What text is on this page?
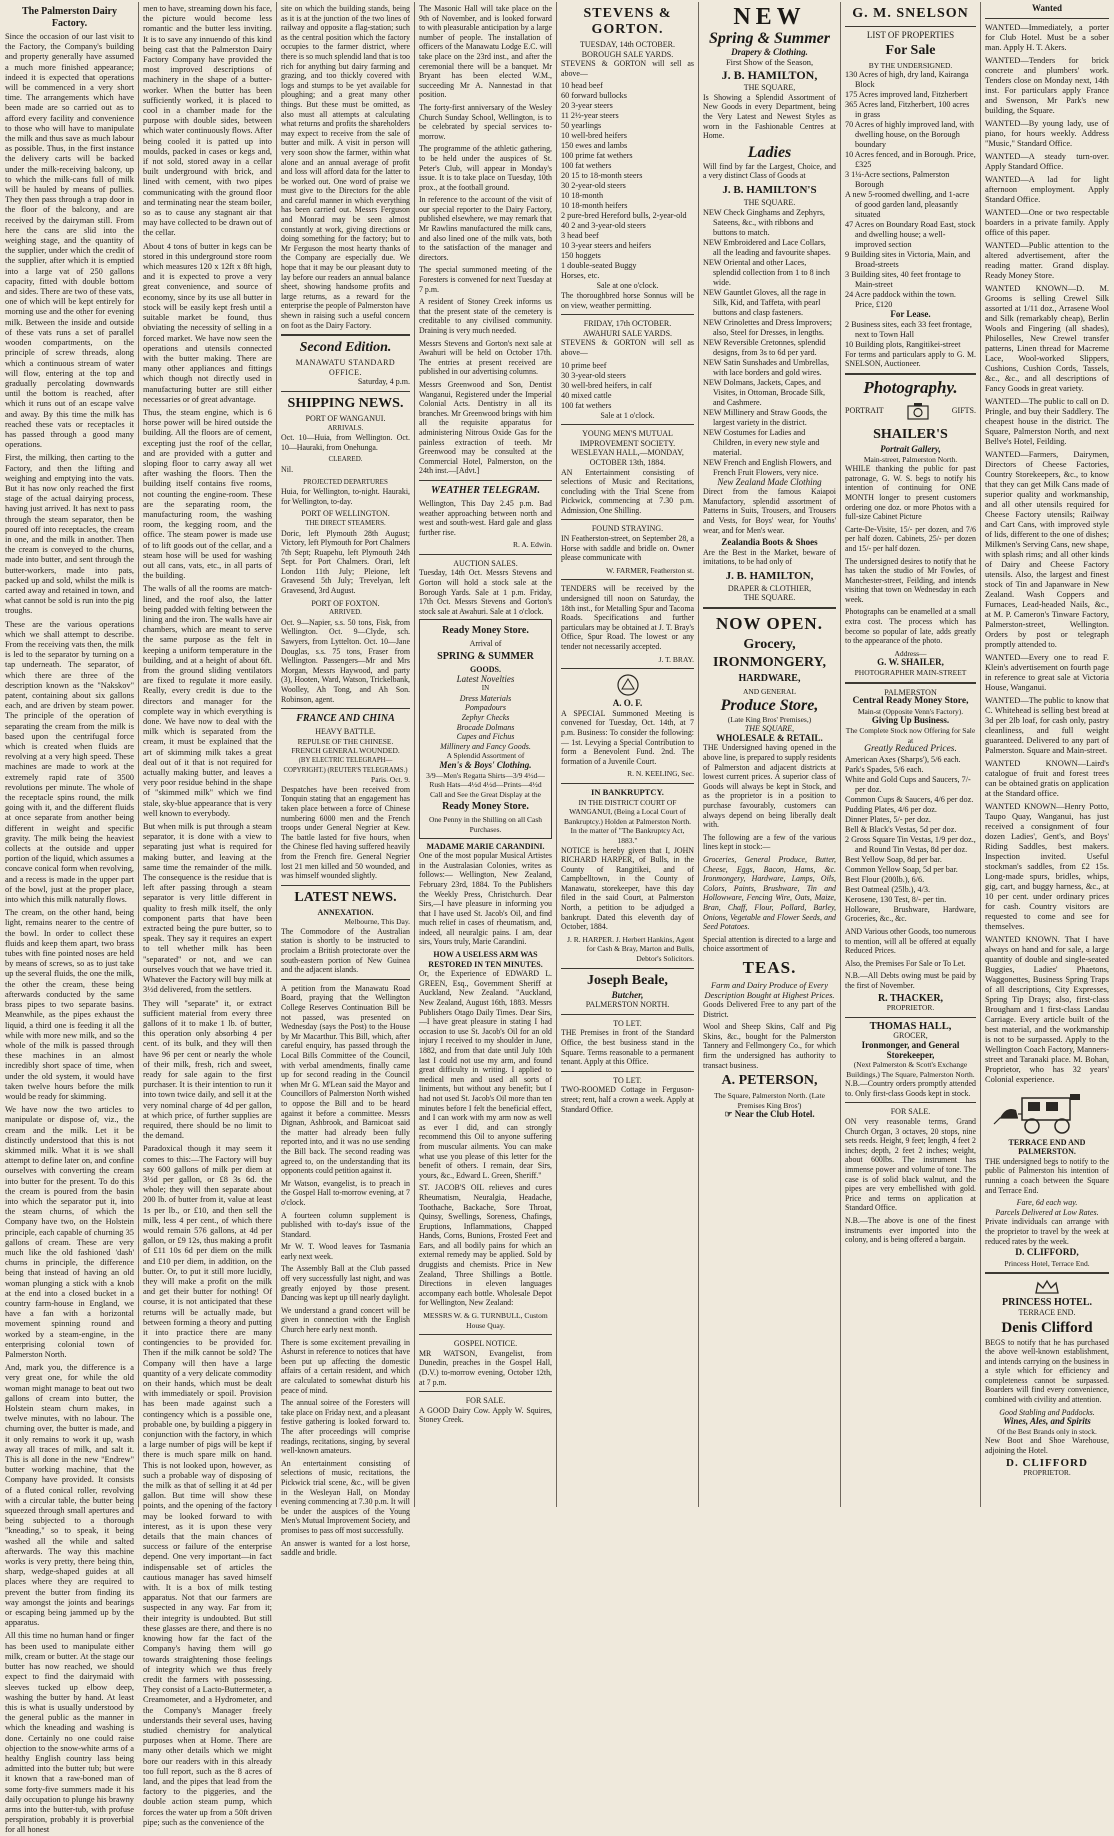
The Palmerston Dairy Factory.

Since the occasion of our last visit to the Factory, the Company's building and property generally have assumed a much more finished appearance; indeed it is expected that operations will be commenced in a very short time. The arrangements which have been made are so carried out as to afford every facility and convenience to those who will have to manipulate the milk and thus save as much labour as possible. Thus, in the first instance the delivery carts will be backed under the milk-receiving balcony, up to which the milk-cans full of milk will be hauled by means of pullies. They then pass through a trap door in the floor of the balcony, and are received by the dairyman still. From here the cans are slid into the weighing stage, and the quantity of the supplier, under which the credit of the supplier, after which it is emptied into a large vat of 250 gallons capacity, fitted with double bottom and sides. There are two of these vats, one of which will be kept entirely for morning use and the other for evening milk. Between the inside and outside of these vats runs a set of parallel wooden compartments, on the principle of screw threads, along which a continuous stream of water will flow, entering at the top and gradually percolating downwards until the bottom is reached, after which it runs out of an escape valve and away. By this time the milk has reached these vats or receptacles it has passed through a good many operations.

First, the milking, then carting to the Factory, and then the lifting and weighing and emptying into the vats. But it has now only reached the first stage of the actual dairying process, having just arrived. It has next to pass through the steam separator, then be poured off into receptacles, the cream in one, and the milk in another. Then the cream is conveyed to the churns, made into butter, and sent through the butter-workers, made into pats, packed up and sold, whilst the milk is carted away and retained in town, and what cannot be sold is run into the pig troughs.

These are the various operations which we shall attempt to describe. From the receiving vats then, the milk is led to the separator by turning on a tap underneath. The separator, of which there are three of the description known as the "Nakskov" patent, containing about six gallons each, and are driven by steam power. The principle of the operation of separating the cream from the milk is based upon the centrifugal force which is created when fluids are revolving at a very high speed. These machines are made to work at the extremely rapid rate of 3500 revolutions per minute. The whole of the receptacle spins round, the milk going with it, and the different fluids at once separate from another being different in weight and specific gravity. The milk being the heaviest collects at the outside and upper portion of the liquid, which assumes a concave conical form when revolving, and a recess is made in the upper part of the bowl, just at the proper place, into which this milk naturally flows.

The cream, on the other hand, being light, remains nearer to the centre of the bowl. In order to collect these fluids and keep them apart, two brass tubes with fine pointed noses are held by means of screws, so as to just take up the several fluids, the one the milk, the other the cream, these being afterwards conducted by the same brass pipes to two separate basins. Meanwhile, as the pipes exhaust the liquid, a third one is feeding it all the while with more new milk, and so the whole of the milk is passed through these machines in an almost incredibly short space of time, when under the old system, it would have taken twelve hours before the milk would be ready for skimming.

We have now the two articles to manipulate or dispose of, viz., the cream and the milk. Let it be distinctly understood that this is not skimmed milk. What it is we shall attempt to define later on, and confine ourselves with converting the cream into butter for the present. To do this the cream is poured from the basin into which the separator put it, into the steam churns, of which the Company have two, on the Holstein principle, each capable of churning 35 gallons of cream. These are very much like the old fashioned 'dash' churns in principle, the difference being that instead of having an old woman plunging a stick with a knob at the end into a closed bucket in a country farm-house in England, we have a fan with a horizontal movement spinning round and worked by a steam-engine, in the enterprising colonial town of Palmerston North.

And, mark you, the difference is a very great one, for while the old woman might manage to beat out two gallons of cream into butter, the Holstein steam churn makes, in twelve minutes, with no labour. The churning over, the butter is made, and it only remains to work it up, wash away all traces of milk, and salt it. This is all done in the new "Endrew" butter working machine, that the Company have provided. It consists of a fluted conical roller, revolving with a circular table, the butter being squeezed through small apertures and being subjected to a thorough "kneading," so to speak, it being washed all the while and salted afterwards. The way this machine works is very pretty, there being thin, sharp, wedge-shaped guides at all places where they are required to prevent the butter from finding its way amongst the joints and bearings or escaping being jammed up by the apparatus.

All this time no human hand or finger has been used to manipulate either milk, cream or butter. At the stage our butter has now reached, we should expect to find the dairymaid with sleeves tucked up elbow deep, washing the butter by hand. At least this is what is usually understood by the general public as the manner in which the kneading and washing is done. Certainly no one could raise objection to the snow-white arms of a healthy English country lass being admitted into the butter tub; but were it known that a raw-boned man of some forty-five summers made it his daily occupation to plunge his brawny arms into the butter-tub, with profuse perspiration, probably it is proverbial for all honest

men to have, streaming down his face, the picture would become less romantic and the butter less inviting. It is to save any innuendo of this kind being cast that the Palmerston Dairy Factory Company have provided the most improved descriptions of machinery in the shape of a butter-worker. When the butter has been sufficiently worked, it is placed to cool in a chamber made for the purpose with double sides, between which water continuously flows. After being cooled it is patted up into moulds, packed in cases or kegs and, if not sold, stored away in a cellar built underground with brick, and lined with cement, with two pipes communicating with the ground floor and terminating near the steam boiler, so as to cause any stagnant air that may have collected to be drawn out of the cellar.

About 4 tons of butter in kegs can be stored in this underground store room which measures 120 x 12ft x 8ft high, and it is expected to prove a very great convenience, and source of economy, since by its use all butter in stock will be easily kept fresh until a suitable market be found, thus obviating the necessity of selling in a forced market. We have now seen the operations and utensils connected with the butter making. There are many other appliances and fittings which though not directly used in manufacturing butter are still either necessaries or of great advantage.

Thus, the steam engine, which is 6 horse power will be hired outside the building. All the floors are of cement, excepting just the roof of the cellar, and are provided with a gutter and sloping floor to carry away all wet after washing the floors. Then the building itself contains five rooms, not counting the engine-room. These are the separating room, the manufacturing room, the washing room, the kegging room, and the office. The steam power is made use of to lift goods out of the cellar, and a steam hose will be used for washing out all cans, vats, etc., in all parts of the building.

The walls of all the rooms are match-lined, and the roof also, the latter being padded with felting between the lining and the iron. The walls have air chambers, which are meant to serve the same purpose as the felt in keeping a uniform temperature in the building, and at a height of about 6ft. from the ground sliding ventilators are fixed to regulate it more easily. Really, every credit is due to the directors and manager for the complete way in which everything is done. We have now to deal with the milk which is separated from the cream, it must be explained that the art of skimming milk takes a great deal out of it that is not required for actually making butter, and leaves a very poor residue behind in the shape of "skimmed milk" which we find stale, sky-blue appearance that is very well known to everybody.

But when milk is put through a steam separator, it is done with a view to separating just what is required for making butter, and leaving at the same time the remainder of the milk. The consequence is the residue that is left after passing through a steam separator is very little different in quality to fresh milk itself, the only component parts that have been extracted being the pure butter, so to speak. They say it requires an expert to tell whether milk has been "separated" or not, and we can ourselves vouch that we have tried it. Whatever the Factory will buy milk at 3½d delivered, from the settlers.

They will "separate" it, or extract sufficient material from every three gallons of it to make 1 lb. of butter, this operation only absorbing 4 per cent. of its bulk, and they will then have 96 per cent or nearly the whole of their milk, fresh, rich and sweet, ready for sale again to the first purchaser. It is their intention to run it into town twice daily, and sell it at the very nominal charge of 4d per gallon, at which price, of further supplies are required, there should be no limit to the demand.

Paradoxical though it may seem it comes to this:—The Factory will buy say 600 gallons of milk per diem at 3½d per gallon, or £8 3s 6d. the whole; they will then separate about 200 lb. of butter from it, value at least 1s per lb., or £10, and then sell the milk, less 4 per cent., of which there would remain 576 gallons, at 4d per gallon, or £9 12s, thus making a profit of £11 10s 6d per diem on the milk and £10 per diem, in addition, on the butter. Or, to put it still more lucidly, they will make a profit on the milk and get their butter for nothing! Of course, it is not anticipated that these returns will be actually made, but between forming a theory and putting it into practice there are many contingencies to be provided for. Then if the milk cannot be sold? The Company will then have a large quantity of a very delicate commodity on their hands, which must be dealt with immediately or spoil. Provision has been made against such a contingency which is a possible one, probable one, by building a piggery in conjunction with the factory, in which a large number of pigs will be kept if there is much spare milk on hand. This is not looked upon, however, as such a probable way of disposing of the milk as that of selling it at 4d per gallon. But time will show these points, and the opening of the factory may be looked forward to with interest, as it is upon these very details that the main chances of success or failure of the enterprise depend. One very important—in fact indispensable set of articles the cautious manager has saved himself with. It is a box of milk testing apparatus. Not that our farmers are suspected in any way. Far from it; their integrity is undoubted. But still these glasses are there, and there is no knowing how far the fact of the Company's having them will go towards straightening those feelings of integrity which we thus freely credit the farmers with possessing. They consist of a Lacto-Buttermeter, a Creamometer, and a Hydrometer, and the Company's Manager freely understands their several uses, having studied chemistry for analytical purposes when at Home. There are many other details which we might bore our readers with in this already too full report, such as the 8 acres of land, and the pipes that lead from the factory to the piggeries, and the double action steam pump, which forces the water up from a 50ft driven pipe; such as the convenience of the

site on which the building stands, being as it is at the junction of the two lines of railway and opposite a flag-station; such as the central position which the factory occupies to the farmer district, where there is so much splendid land that is too rich for anything but dairy farming and grazing, and too thickly covered with logs and stumps to be yet available for ploughing; and a great many other things. But these must be omitted, as also must all attempts at calculating what returns and profits the shareholders may expect to receive from the sale of butter and milk. A visit in person will very soon show the farmer, within what alone and an annual average of profit and loss will afford data for the latter to be worked out. One word of praise we must give to the Directors for the able and careful manner in which everything has been carried out. Messrs Ferguson and Monrad may be seen almost constantly at work, giving directions or doing something for the factory; but to Mr Ferguson the most hearty thanks of the Company are especially due. We hope that it may be our pleasant duty to lay before our readers an annual balance sheet, showing handsome profits and large returns, as a reward for the enterprise the people of Palmerston have shewn in raising such a useful concern on foot as the Dairy Factory.

Second Edition.
MANAWATU STANDARD OFFICE.
Saturday, 4 p.m.
SHIPPING NEWS.
PORT OF WANGANUI.
ARRIVALS.

Oct. 10—Huia, from Wellington. Oct. 10—Hauraki, from Onehunga.

CLEARED.

Nil.

PROJECTED DEPARTURES

Huia, for Wellington, to-night. Hauraki, for Wellington, to-day.

PORT OF WELLINGTON.
THE DIRECT STEAMERS.

Doric, left Plymouth 28th August; Victory, left Plymouth for Port Chalmers 7th Sept; Ruapehu, left Plymouth 24th Sept. for Port Chalmers. Orari, left London 11th July; Pleione, left Gravesend 5th July; Trevelyan, left Gravesend, 3rd August.

PORT OF FOXTON.
ARRIVED.

Oct. 9—Napier, s.s. 50 tons, Fisk, from Wellington. Oct. 9—Clyde, sch. Sawyers, from Lyttelton. Oct. 10—Jane Douglas, s.s. 75 tons, Fraser from Wellington. Passengers—Mr and Mrs Morgan, Messrs Haywood, and party (3), Hooten, Ward, Watson, Trickelbank, Woolley, Ah Tong, and Ah Son. Robinson, agent.

FRANCE AND CHINA
HEAVY BATTLE.
REPULSE OF THE CHINESE.
FRENCH GENERAL WOUNDED.
(BY ELECTRIC TELEGRAPH—COPYRIGHT.) (REUTER'S TELEGRAMS.)
Paris. Oct. 9.

Despatches have been received from Tonquin stating that an engagement has taken place between a force of Chinese numbering 6000 men and the French troops under General Negrier at Kew. The battle lasted for five hours, when the Chinese fled having suffered heavily from the French fire. General Negrier lost 21 men killed and 50 wounded, and was himself wounded slightly.

LATEST NEWS.
ANNEXATION.
Melbourne, This Day.

The Commodore of the Australian station is shortly to be instructed to proclaim a British protectorate over the south-eastern portion of New Guinea and the adjacent islands.

A petition from the Manawatu Road Board, praying that the Wellington College Reserves Continuation Bill be not passed, was presented on Wednesday (says the Post) to the House by Mr Macarthur. This Bill, which, after careful enquiry, has passed through the Local Bills Committee of the Council, with verbal amendments, finally came up for second reading in the Council when Mr G. M'Lean said the Mayor and Councillors of Palmerston North wished to oppose the Bill and to be heard against it before a committee. Messrs Dignan, Ashbrook, and Barnicoat said the matter had already been fully reported into, and it was no use sending the Bill back. The second reading was agreed to, on the understanding that its opponents could petition against it.

Mr Watson, evangelist, is to preach in the Gospel Hall to-morrow evening, at 7 o'clock.

A fourteen column supplement is published with to-day's issue of the Standard.

Mr W. T. Wood leaves for Tasmania early next week.

The Assembly Ball at the Club passed off very successfully last night, and was greatly enjoyed by those present. Dancing was kept up till nearly daylight.

We understand a grand concert will be given in connection with the English Church here early next month.

There is some excitement prevailing in Ashurst in reference to notices that have been put up affecting the domestic affairs of a certain resident, and which are calculated to somewhat disturb his peace of mind.

The annual soiree of the Foresters will take place on Friday next, and a pleasant festive gathering is looked forward to. The after proceedings will comprise readings, recitations, singing, by several well-known amateurs.

An entertainment consisting of selections of music, recitations, the Pickwick trial scene, &c., will be given in the Wesleyan Hall, on Monday evening commencing at 7.30 p.m. It will be under the auspices of the Young Men's Mutual Improvement Society, and promises to pass off most successfully.

An answer is wanted for a lost horse, saddle and bridle.

The Masonic Hall will take place on the 9th of November, and is looked forward to with pleasurable anticipation by a large number of people. The installation of officers of the Manawatu Lodge E.C. will take place on the 23rd inst., and after the ceremonial there will be a banquet. Mr Bryant has been elected W.M., succeeding Mr A. Nannestad in that position.

The forty-first anniversary of the Wesley Church Sunday School, Wellington, is to be celebrated by special services to-morrow.

The programme of the athletic gathering, to be held under the auspices of St. Peter's Club, will appear in Monday's issue. It is to take place on Tuesday, 10th prox., at the football ground.

In reference to the account of the visit of our special reporter to the Dairy Factory, published elsewhere, we may remark that Mr Rawlins manufactured the milk cans, and also lined one of the milk vats, both to the satisfaction of the manager and directors.

The special summoned meeting of the Foresters is convened for next Tuesday at 7 p.m.

A resident of Stoney Creek informs us that the present state of the cemetery is creditable to any civilised community. Draining is very much needed.

Messrs Stevens and Gorton's next sale at Awahuri will be held on October 17th. The entries at present received are published in our advertising columns.

Messrs Greenwood and Son, Dentist Wanganui, Registered under the Imperial Colonial Acts. Dentistry in all its branches. Mr Greenwood brings with him all the requisite apparatus for administering Nitrous Oxide Gas for the painless extraction of teeth. Mr Greenwood may be consulted at the Commercial Hotel, Palmerston, on the 24th inst.—[Advt.]

WEATHER TELEGRAM.

Wellington, This Day 2.45 p.m. Bad weather approaching between north and west and south-west. Hard gale and glass further rise.

R. A. Edwin.
AUCTION SALES.

Tuesday, 14th Oct. Messrs Stevens and Gorton will hold a stock sale at the Borough Yards. Sale at 1 p.m. Friday, 17th Oct. Messrs Stevens and Gorton's stock sale at Awahuri. Sale at 1 o'clock.

Ready Money Store.
Arrival of
SPRING & SUMMER
GOODS.
Latest Novelties
IN
Dress Materials
Pompadours
Zephyr Checks
Brocade Dolmans
Cupes and Fichus
Millinery and Fancy Goods.
A Splendid Assortment of
Men's & Boys' Clothing.
3/9—Men's Regatta Shirts—3/9 4½d—Rush Hats—4½d 4½d—Prints—4½d
Call and See the Great Display at the
Ready Money Store.
One Penny in the Shilling on all Cash Purchases.
MADAME MARIE CARANDINI.

One of the most popular Musical Artistes in the Australasian Colonies, writes as follows:— Wellington, New Zealand, February 23rd, 1884. To the Publishers the Weekly Press, Christchurch. Dear Sirs,—I have pleasure in informing you that I have used St. Jacob's Oil, and find much relief in cases of rheumatism, and, indeed, all neuralgic pains. I am, dear sirs, Yours truly, Marie Carandini.

HOW A USELESS ARM WAS RESTORED IN TEN MINUTES.

Or, the Experience of EDWARD L. GREEN, Esq., Government Sheriff at Auckland, New Zealand. "Auckland, New Zealand, August 16th, 1883. Messrs Publishers Otago Daily Times. Dear Sirs,—I have great pleasure in stating I had occasion to use St. Jacob's Oil for an old injury I received to my shoulder in June, 1882, and from that date until July 10th last I could not use my arm, and found great difficulty in writing. I applied to medical men and used all sorts of liniments, but without any benefit; but I had not used St. Jacob's Oil more than ten minutes before I felt the beneficial effect, and I can work with my arm now as well as ever I did, and can strongly recommend this Oil to anyone suffering from muscular ailments. You can make what use you please of this letter for the benefit of others. I remain, dear Sirs, yours, &c., Edward L. Green, Sheriff."

ST. JACOB'S OIL relieves and cures Rheumatism, Neuralgia, Headache, Toothache, Backache, Sore Throat, Quinsy, Swellings, Soreness, Chafings, Eruptions, Inflammations, Chapped Hands, Corns, Bunions, Frosted Feet and Ears, and all bodily pains for which an external remedy may be applied. Sold by druggists and chemists. Price in New Zealand, Three Shillings a Bottle. Directions in eleven languages accompany each bottle. Wholesale Depot for Wellington, New Zealand:

MESSRS W. & G. TURNBULL, Custom House Quay.
GOSPEL NOTICE.

MR WATSON, Evangelist, from Dunedin, preaches in the Gospel Hall, (D.V.) to-morrow evening, October 12th, at 7 p.m.

FOR SALE.

A GOOD Dairy Cow. Apply W. Squires, Stoney Creek.

STEVENS & GORTON.
TUESDAY, 14th OCTOBER.
BOROUGH SALE YARDS.

STEVENS & GORTON will sell as above—

10 head beef
60 forward bullocks
20 3-year steers
11 2½-year steers
50 yearlings
10 well-bred heifers
150 ewes and lambs
100 prime fat wethers
100 fat wethers
20 15 to 18-month steers
30 2-year-old steers
10 18-month
10 18-month heifers
2 pure-bred Hereford bulls, 2-year-old
40 2 and 3-year-old steers
3 head beef
10 3-year steers and heifers
150 hoggets
1 double-seated Buggy
Horses, etc.
Sale at one o'clock.

The thoroughbred horse Sonnus will be on view, weather permitting.

FRIDAY, 17th OCTOBER.
AWAHURI SALE YARDS.

STEVENS & GORTON will sell as above—

10 prime beef
30 3-year-old steers
30 well-bred heifers, in calf
40 mixed cattle
100 fat wethers
Sale at 1 o'clock.
YOUNG MEN'S MUTUAL IMPROVEMENT SOCIETY.
WESLEYAN HALL,—MONDAY, OCTOBER 13th, 1884.

AN Entertainment consisting of selections of Music and Recitations, concluding with the Trial Scene from Pickwick, commencing at 7.30 p.m. Admission, One Shilling.

FOUND STRAYING.

IN Featherston-street, on September 28, a Horse with saddle and bridle on. Owner please communicate with

W. FARMER, Featherston st.

TENDERS will be received by the undersigned till noon on Saturday, the 18th inst., for Metalling Spur and Tacoma Roads. Specifications and further particulars may be obtained at J. T. Bray's Office, Spur Road. The lowest or any tender not necessarily accepted.

J. T. BRAY.
A. O. F.

A SPECIAL Summoned Meeting is convened for Tuesday, Oct. 14th, at 7 p.m. Business: To consider the following:— 1st. Levying a Special Contribution to form a Benevolent Fund. 2nd. The formation of a Juvenile Court.

R. N. KEELING, Sec.
IN BANKRUPTCY.
IN THE DISTRICT COURT OF WANGANUI, (Being a Local Court of Bankruptcy.) Holden at Palmerston North.
In the matter of "The Bankruptcy Act, 1883."

NOTICE is hereby given that I, JOHN RICHARD HARPER, of Bulls, in the County of Rangitikei, and of Campbelltown, in the County of Manawatu, storekeeper, have this day filed in the said Court, at Palmerston North, a petition to be adjudged a bankrupt. Dated this eleventh day of October, 1884.

J. R. HARPER. J. Herbert Hankins, Agent for Cash & Bray, Marton and Bulls, Debtor's Solicitors.
Joseph Beale,
Butcher,
PALMERSTON NORTH.
TO LET.

THE Premises in front of the Standard Office, the best business stand in the Square. Terms reasonable to a permanent tenant. Apply at this Office.

TO LET.

TWO-ROOMED Cottage in Ferguson-street; rent, half a crown a week. Apply at Standard Office.

NEW
Spring & Summer
Drapery & Clothing.
First Show of the Season,
J. B. HAMILTON,
THE SQUARE,

Is Showing a Splendid Assortment of New Goods in every Department, being the Very Latest and Newest Styles as worn in the Fashionable Centres at Home.

Ladies

Will find by far the Largest, Choice, and a very distinct Class of Goods at

J. B. HAMILTON'S
THE SQUARE.
NEW Check Ginghams and Zephyrs, Sateens, &c., with ribbons and buttons to match.
NEW Embroidered and Lace Collars, all the leading and favourite shapes.
NEW Oriental and other Laces, splendid collection from 1 to 8 inch wide.
NEW Gauntlet Gloves, all the rage in Silk, Kid, and Taffeta, with pearl buttons and clasp fasteners.
NEW Crinolettes and Dress Improvers; also, Steel for Dresses, in lengths.
NEW Reversible Cretonnes, splendid designs, from 3s to 6d per yard.
NEW Satin Sunshades and Umbrellas, with lace borders and gold wires.
NEW Dolmans, Jackets, Capes, and Visites, in Ottoman, Brocade Silk, and Cashmere.
NEW Millinery and Straw Goods, the largest variety in the district.
NEW Costumes for Ladies and Children, in every new style and material.
NEW French and English Flowers, and French Fruit Flowers, very nice.
New Zealand Made Clothing

Direct from the famous Kaiapoi Manufactory, splendid assortment of Patterns in Suits, Trousers, and Trousers and Vests, for Boys' wear, for Youths' wear, and for Men's wear.

Zealandia Boots & Shoes

Are the Best in the Market, beware of imitations, to be had only of

J. B. HAMILTON,
DRAPER & CLOTHIER,
THE SQUARE.
NOW OPEN.
Grocery,
IRONMONGERY,
HARDWARE,
AND GENERAL
Produce Store,
(Late King Bros' Premises,)
THE SQUARE,
WHOLESALE & RETAIL.

THE Undersigned having opened in the above line, is prepared to supply residents of Palmerston and adjacent districts at lowest current prices. A superior class of Goods will always be kept in Stock, and as the proprietor is in a position to purchase favourably, customers can always depend on being liberally dealt with.

The following are a few of the various lines kept in stock:—

Groceries, General Produce, Butter, Cheese, Eggs, Bacon, Hams, &c. Ironmongery, Hardware, Lamps, Oils, Colors, Paints, Brushware, Tin and Hollowware, Fencing Wire, Oats, Maize, Bran, Chaff, Flour, Pollard, Barley, Onions, Vegetable and Flower Seeds, and Seed Potatoes.

Special attention is directed to a large and choice assortment of

TEAS.
Farm and Dairy Produce of Every Description Bought at Highest Prices.

Goods Delivered Free to any part of the District.

Wool and Sheep Skins, Calf and Pig Skins, &c., bought for the Palmerston Tannery and Fellmongery Co., for which firm the undersigned has authority to transact business.

A. PETERSON,
The Square, Palmerston North. (Late Premises King Bros')
☞ Near the Club Hotel.
G. M. SNELSON
LIST OF PROPERTIES
For Sale
BY THE UNDERSIGNED.
130 Acres of high, dry land, Kairanga Block
175 Acres improved land, Fitzherbert
365 Acres land, Fitzherbert, 100 acres in grass
70 Acres of highly improved land, with dwelling house, on the Borough boundary
10 Acres fenced, and in Borough. Price, £325
3 1¼-Acre sections, Palmerston Borough
A new 5-roomed dwelling, and 1-acre of good garden land, pleasantly situated
47 Acres on Boundary Road East, stock and dwelling house; a well-improved section
9 Building sites in Victoria, Main, and Broad-streets
3 Building sites, 40 feet frontage to Main-street
24 Acre paddock within the town. Price, £120
For Lease.
2 Business sites, each 33 feet frontage, next to Town Hall
10 Building plots, Rangitikei-street

For terms and particulars apply to G. M. SNELSON, Auctioneer.

Photography.
PORTRAIT	GIFTS.
SHAILER'S
Portrait Gallery,
Main-street, Palmerston North.

WHILE thanking the public for past patronage, G. W. S. begs to notify his intention of continuing for ONE MONTH longer to present customers ordering one doz. or more Photos with a full-size Cabinet Picture

Carte-De-Visite, 15/- per dozen, and 7/6 per half dozen. Cabinets, 25/- per dozen and 15/- per half dozen.

The undersigned desires to notify that he has taken the studio of Mr Fowles, of Manchester-street, Feilding, and intends visiting that town on Wednesday in each week.

Photographs can be enamelled at a small extra cost. The process which has become so popular of late, adds greatly to the appearance of the photo.

Address—
G. W. SHAILER,
PHOTOGRAPHER MAIN-STREET
PALMERSTON
Central Ready Money Store,
Main-st (Opposite Venn's Factory).
Giving Up Business.
The Complete Stock now Offering for Sale at
Greatly Reduced Prices.
American Axes (Sharps'), 5/6 each.
Park's Spades, 5/6 each.
White and Gold Cups and Saucers, 7/- per doz.
Common Cups & Saucers, 4/6 per doz.
Pudding Plates, 4/6 per doz.
Dinner Plates, 5/- per doz.
Bell & Black's Vestas, 5d per doz.
2 Gross Square Tin Vestas, 1/9 per doz., and Round Tin Vestas, 8d per doz.
Best Yellow Soap, 8d per bar.
Common Yellow Soap, 5d per bar.
Best Flour (200lb.), 6/6.
Best Oatmeal (25lb.), 4/3.
Kerosene, 130 Test, 8/- per tin.

Holloware, Brushware, Hardware, Groceries, &c., &c.

AND Various other Goods, too numerous to mention, will all be offered at equally Reduced Prices.

Also, the Premises For Sale or To Let.

N.B.—All Debts owing must be paid by the first of November.

R. THACKER,
PROPRIETOR.
THOMAS HALL,
GROCER,
Ironmonger, and General
Storekeeper,
(Next Palmerston & Scott's Exchange Buildings,) The Square, Palmerston North.

N.B.—Country orders promptly attended to. Only first-class Goods kept in stock.

FOR SALE.

ON very reasonable terms, Grand Church Organ, 3 octaves, 20 stops, nine sets reeds. Height, 9 feet; length, 4 feet 2 inches; depth, 2 feet 2 inches; weight, about 600lbs. The instrument has immense power and volume of tone. The case is of solid black walnut, and the pipes are very embellished with gold. Price and terms on application at Standard Office.

N.B.—The above is one of the finest instruments ever imported into the colony, and is being offered a bargain.

Wanted
WANTED—Immediately, a porter for Club Hotel. Must be a sober man. Apply H. T. Akers.
WANTED—Tenders for brick concrete and plumbers' work. Tenders close on Monday next, 14th inst. For particulars apply France and Swenson, Mr Park's new building, the Square.
WANTED—By young lady, use of piano, for hours weekly. Address "Music," Standard Office.
WANTED—A steady turn-over. Apply Standard Office.
WANTED—A lad for light afternoon employment. Apply Standard Office.
WANTED—One or two respectable boarders in a private family. Apply office of this paper.
WANTED—Public attention to the altered advertisement, after the reading matter. Grand display. Ready Money Store.
WANTED KNOWN—D. M. Grooms is selling Crewel Silk assorted at 1/11 doz., Arrasene Wool and Silk (remarkably cheap), Berlin Wools and Fingering (all shades), Philoselles, New Crewel transfer patterns, Linen thread for Macreme Lace, Wool-worked Slippers, Cushions, Cushion Cords, Tassels, &c., &c., and all descriptions of Fancy Goods in great variety.
WANTED—The public to call on D. Pringle, and buy their Saddlery. The cheapest house in the district. The Square, Palmerston North, and next Bellve's Hotel, Feilding.
WANTED—Farmers, Dairymen, Directors of Cheese Factories, Country Storekeepers, &c., to know that they can get Milk Cans made of superior quality and workmanship, and all other utensils required for Cheese Factory utensils; Railway and Cart Cans, with improved style of lids, different to the one of dishes; Milkmen's Serving Cans, new shape, with splash rims; and all other kinds of Dairy and Cheese Factory utensils. Also, the largest and finest stock of Tin and Japanware in New Zealand. Wash Coppers and Furnaces, Lead-headed Nails, &c., at M. P. Cameron's Tinware Factory, Palmerston-street, Wellington. Orders by post or telegraph promptly attended to.
WANTED—Every one to read F. Klein's advertisement on fourth page in reference to great sale at Victoria House, Wanganui.
WANTED—The public to know that C. Whitehead is selling best bread at 3d per 2lb loaf, for cash only, pastry cleanliness, and full weight guaranteed. Delivered to any part of Palmerston. Square and Main-street.
WANTED KNOWN—Laird's catalogue of fruit and forest trees can be obtained gratis on application at the Standard office.
WANTED KNOWN—Henry Potto, Taupo Quay, Wanganui, has just received a consignment of four dozen Ladies', Gent's, and Boys' Riding Saddles, best makers. Inspection invited. Useful stockman's saddles, from £2 15s. Long-made spurs, bridles, whips, gig, cart, and buggy harness, &c., at 10 per cent. under ordinary prices for cash. Country visitors are requested to come and see for themselves.
WANTED KNOWN. That I have always on hand and for sale, a large quantity of double and single-seated Buggies, Ladies' Phaetons, Waggonettes, Business Spring Traps of all descriptions, City Expresses, Spring Tip Drays; also, first-class Brougham and 1 first-class Landau Carriage. Every article built of the best material, and the workmanship is not to be surpassed. Apply to the Wellington Coach Factory, Manners-street and Taranaki place. M. Bohan, Proprietor, who has 32 years' Colonial experience.
TERRACE END AND PALMERSTON.

THE undersigned begs to notify to the public of Palmerston his intention of running a coach between the Square and Terrace End.

Fare, 6d each way.
Parcels Delivered at Low Rates.

Private individuals can arrange with the proprietor to travel by the week at reduced rates by the week.

D. CLIFFORD,
Princess Hotel, Terrace End.
PRINCESS HOTEL.
TERRACE END.
Denis Clifford

BEGS to notify that he has purchased the above well-known establishment, and intends carrying on the business in a style which for efficiency and completeness cannot be surpassed. Boarders will find every convenience, combined with civility and attention.

Good Stabling and Paddocks.
Wines, Ales, and Spirits
Of the Best Brands only in stock.

New Boot and Shoe Warehouse, adjoining the Hotel.

D. CLIFFORD
PROPRIETOR.
